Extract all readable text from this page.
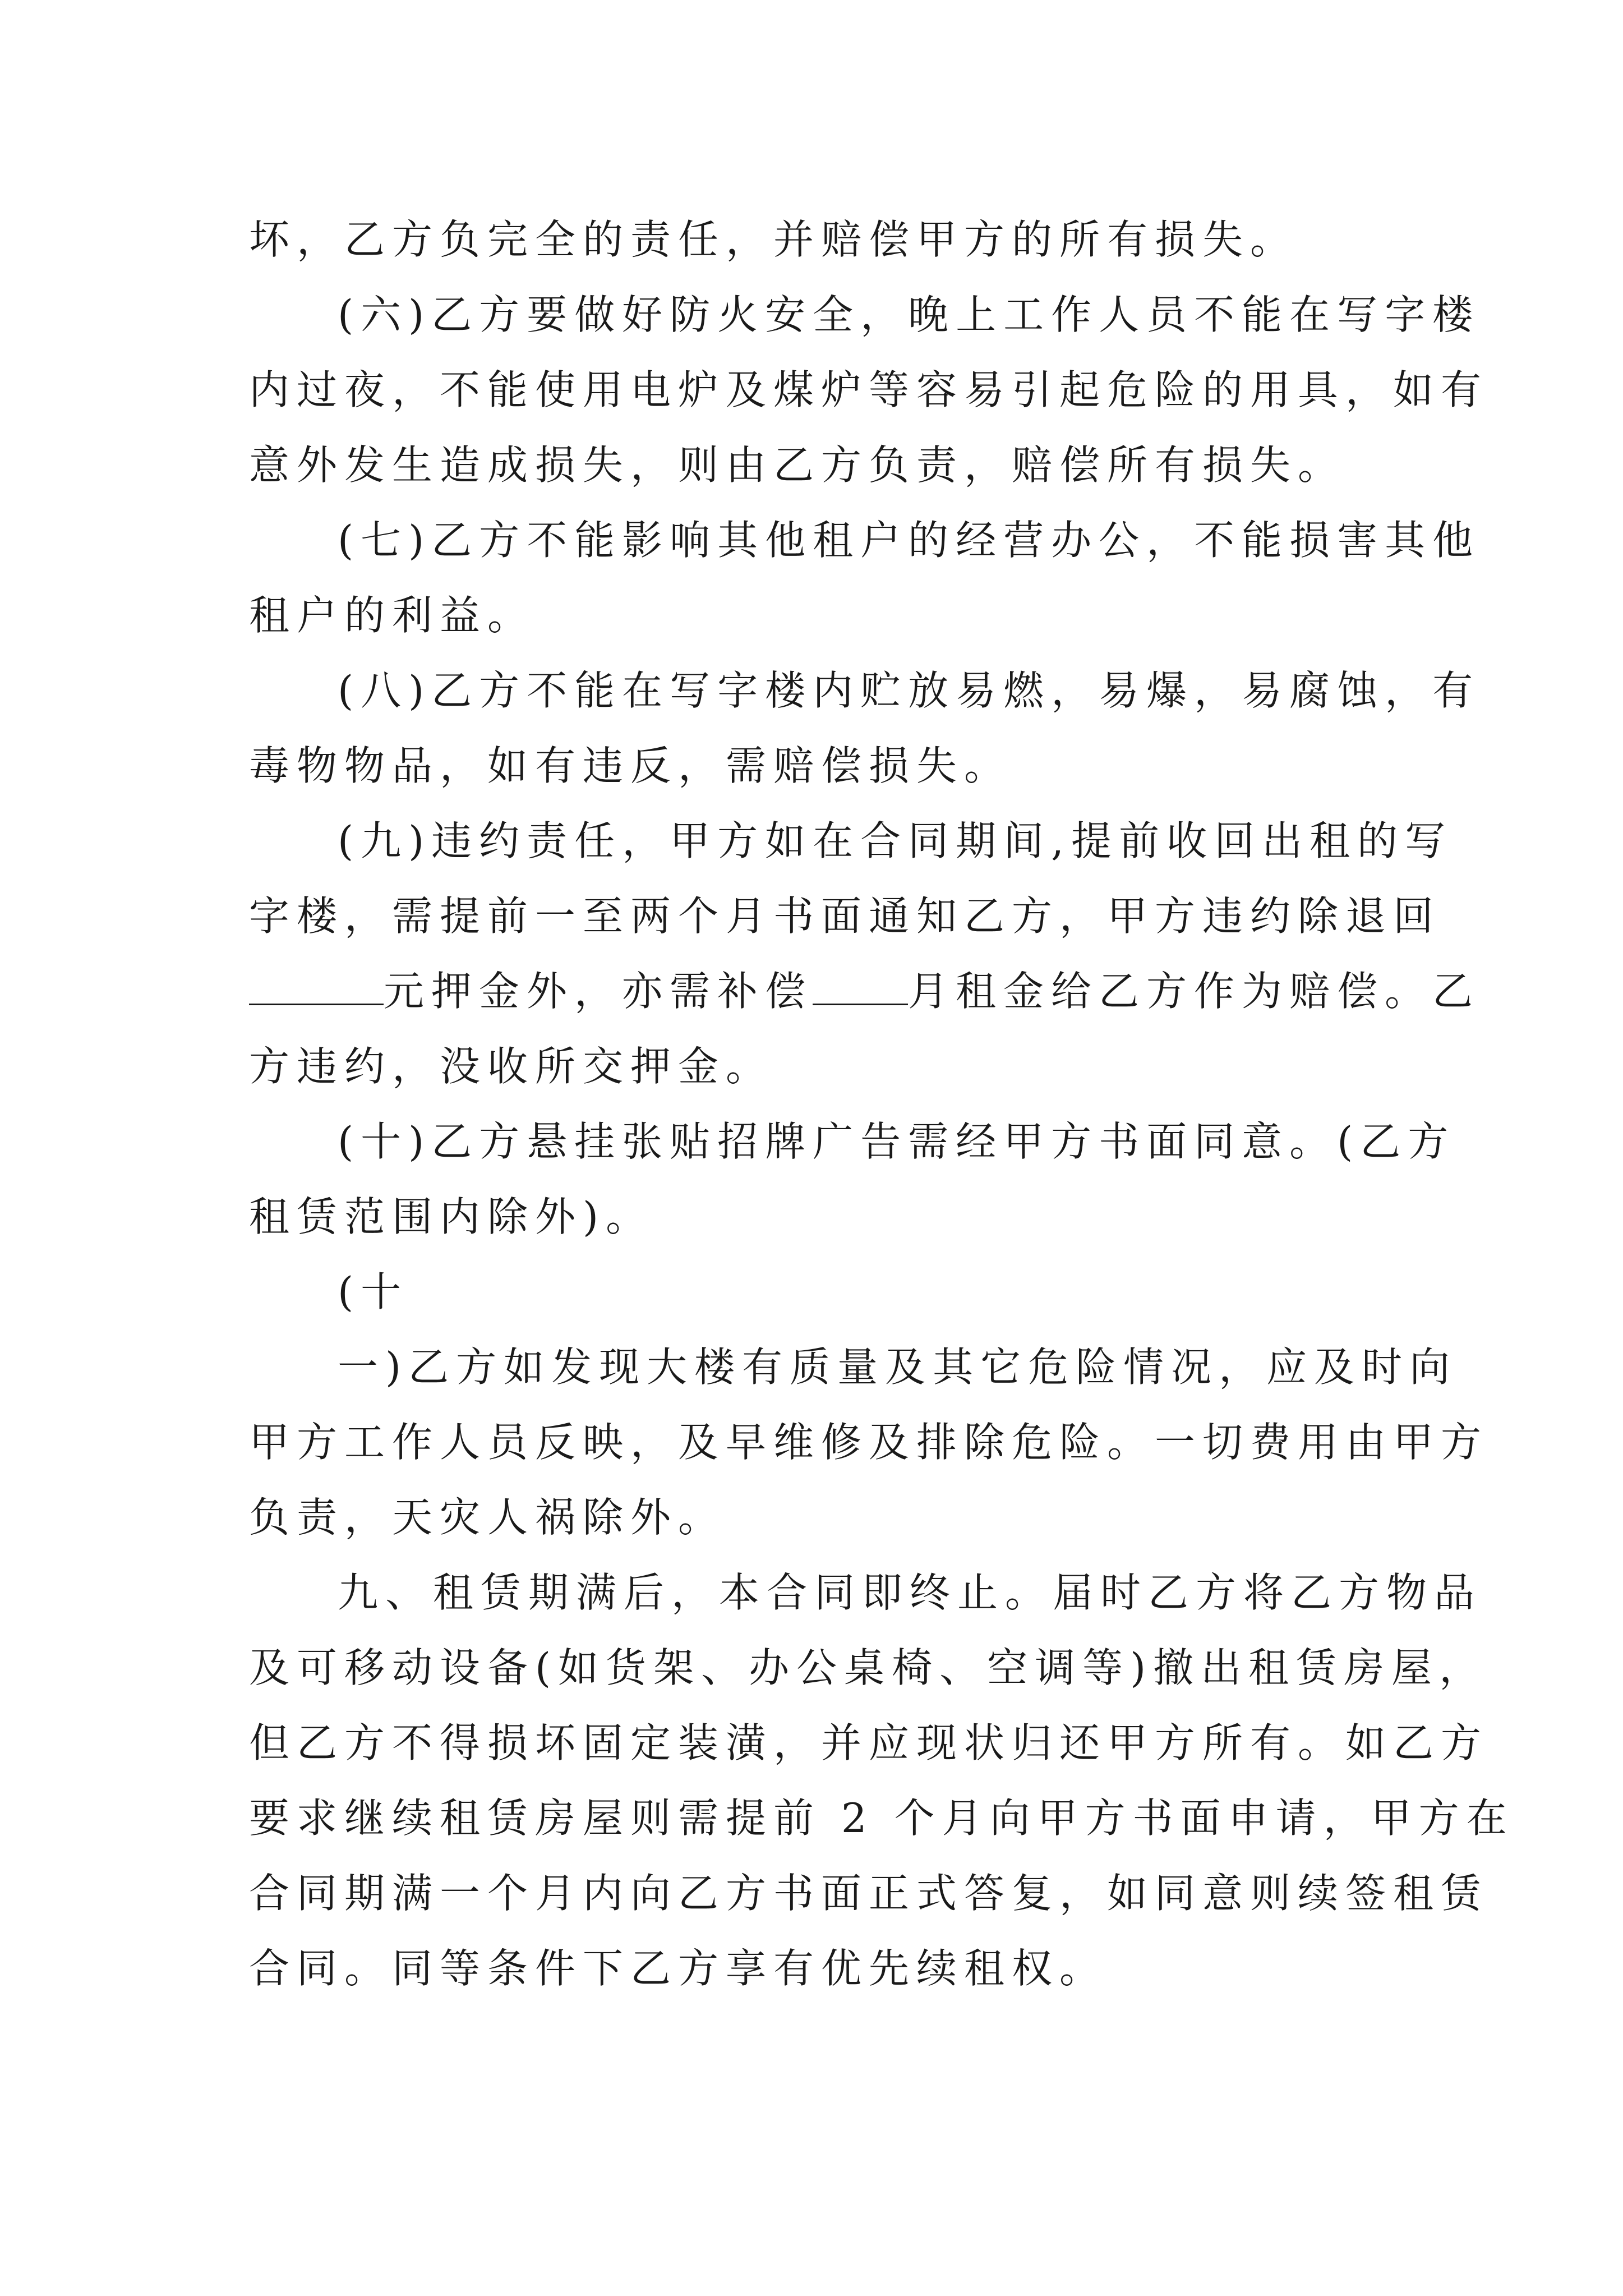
坏，乙方负完全的责任，并赔偿甲方的所有损失。
(六)乙方要做好防火安全，晚上工作人员不能在写字楼
内过夜，不能使用电炉及煤炉等容易引起危险的用具，如有
意外发生造成损失，则由乙方负责，赔偿所有损失。
(七)乙方不能影响其他租户的经营办公，不能损害其他
租户的利益。
(八)乙方不能在写字楼内贮放易燃，易爆，易腐蚀，有
毒物物品，如有违反，需赔偿损失。
(九)违约责任，甲方如在合同期间,提前收回出租的写
字楼，需提前一至两个月书面通知乙方，甲方违约除退回
元押金外，亦需补偿 月租金给乙方作为赔偿。乙
方违约，没收所交押金。
(十)乙方悬挂张贴招牌广告需经甲方书面同意。(乙方
租赁范围内除外)。
(十
一)乙方如发现大楼有质量及其它危险情况，应及时向
甲方工作人员反映，及早维修及排除危险。一切费用由甲方
负责，天灾人祸除外。
九、租赁期满后，本合同即终止。届时乙方将乙方物品
及可移动设备(如货架、办公桌椅、空调等)撤出租赁房屋，
但乙方不得损坏固定装潢，并应现状归还甲方所有。如乙方
要求继续租赁房屋则需提前 2 个月向甲方书面申请，甲方在
合同期满一个月内向乙方书面正式答复，如同意则续签租赁
合同。同等条件下乙方享有优先续租权。
